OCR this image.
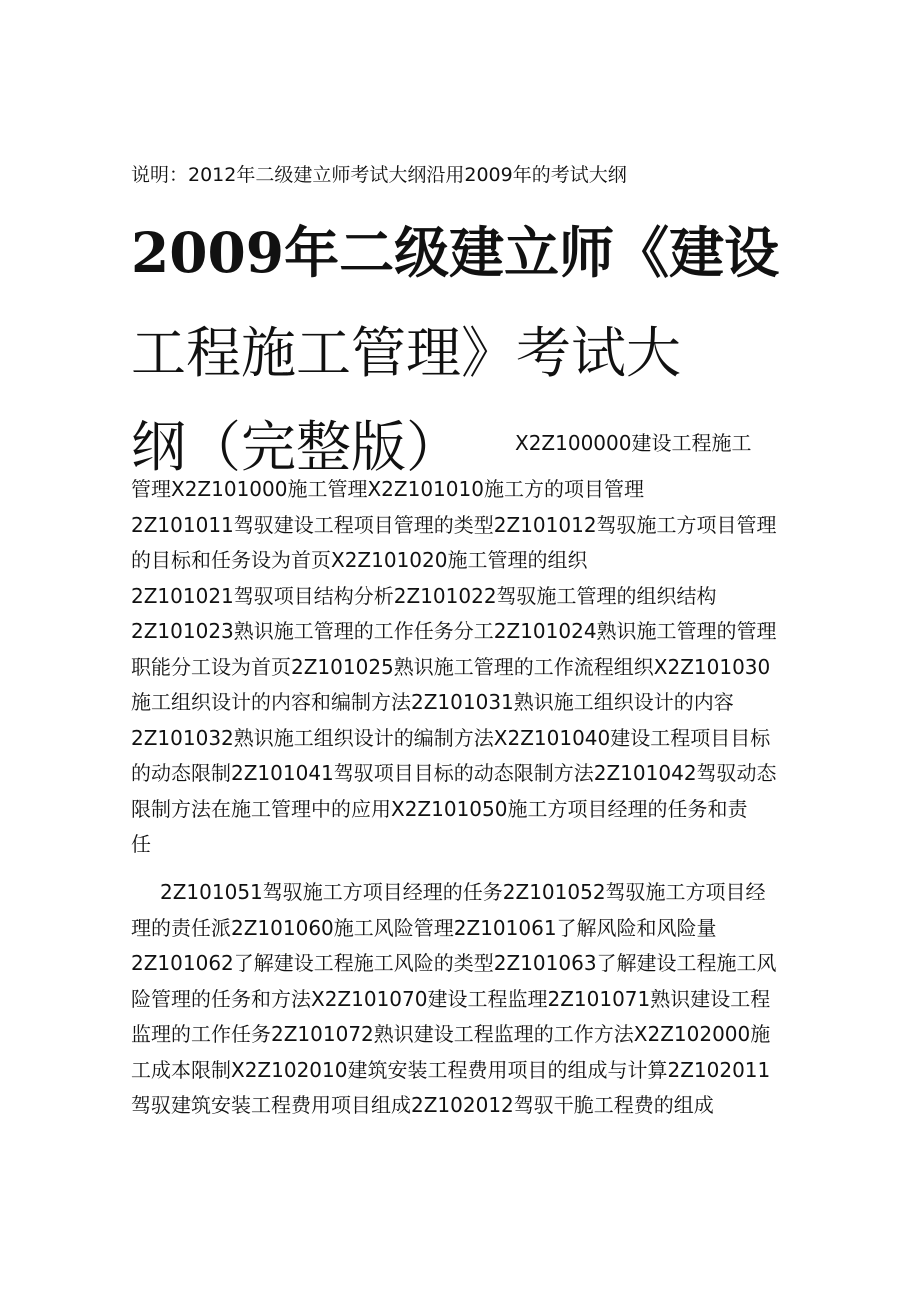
说明：2012年二级建立师考试大纲沿用2009年的考试大纲
2009年二级建立师《建设
工程施工管理》考试大
纲（完整版）	X2Z100000建设工程施工
管理X2Z101000施工管理X2Z101010施工方的项目管理
2Z101011驾驭建设工程项目管理的类型2Z101012驾驭施工方项目管理
的目标和任务设为首页X2Z101020施工管理的组织
2Z101021驾驭项目结构分析2Z101022驾驭施工管理的组织结构
2Z101023熟识施工管理的工作任务分工2Z101024熟识施工管理的管理
职能分工设为首页2Z101025熟识施工管理的工作流程组织X2Z101030
施工组织设计的内容和编制方法2Z101031熟识施工组织设计的内容
2Z101032熟识施工组织设计的编制方法X2Z101040建设工程项目目标
的动态限制2Z101041驾驭项目目标的动态限制方法2Z101042驾驭动态
限制方法在施工管理中的应用X2Z101050施工方项目经理的任务和责
任
2Z101051驾驭施工方项目经理的任务2Z101052驾驭施工方项目经
理的责任派2Z101060施工风险管理2Z101061了解风险和风险量
2Z101062了解建设工程施工风险的类型2Z101063了解建设工程施工风
险管理的任务和方法X2Z101070建设工程监理2Z101071熟识建设工程
监理的工作任务2Z101072熟识建设工程监理的工作方法X2Z102000施
工成本限制X2Z102010建筑安装工程费用项目的组成与计算2Z102011
驾驭建筑安装工程费用项目组成2Z102012驾驭干脆工程费的组成
